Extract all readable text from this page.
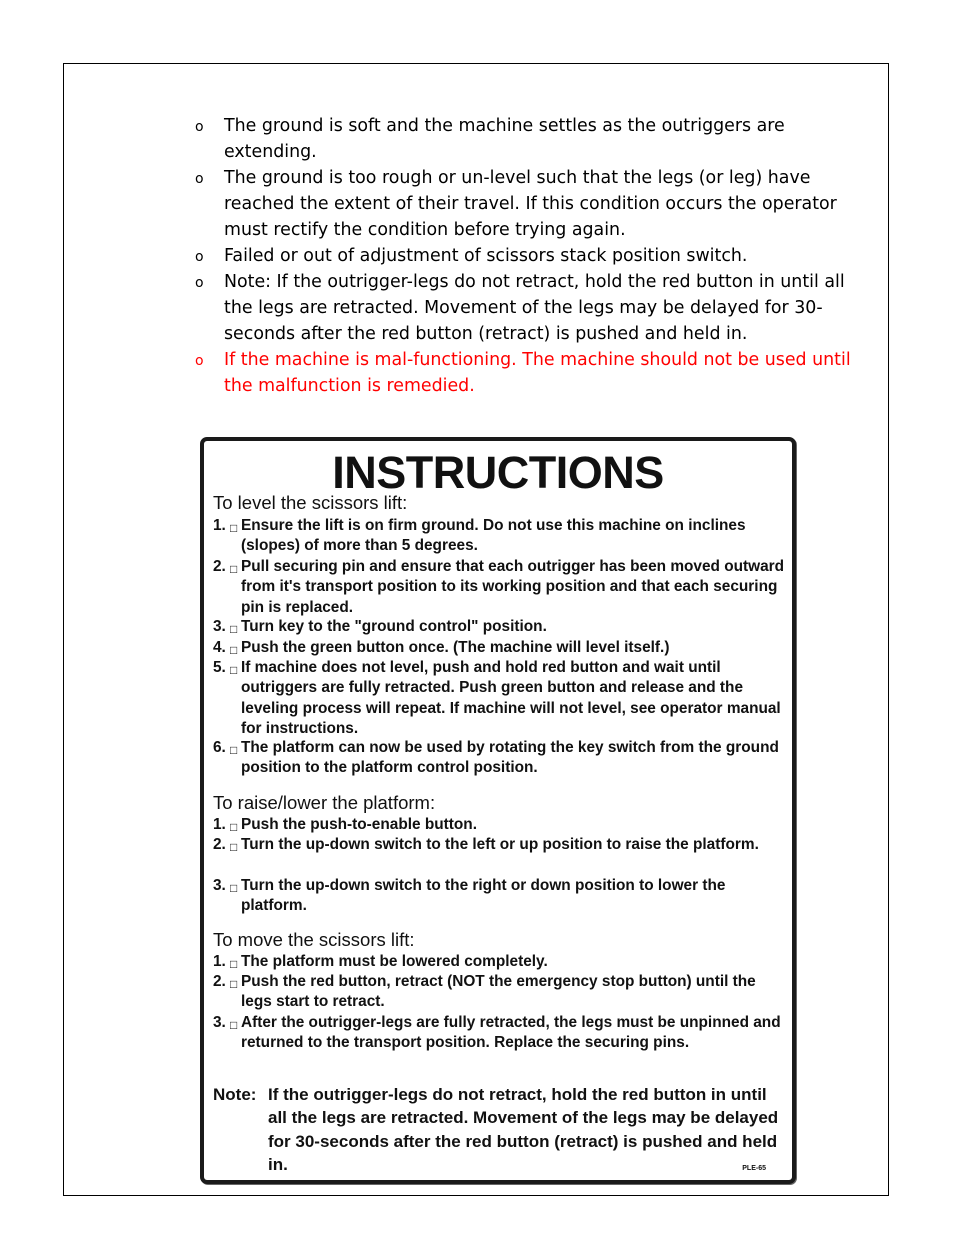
o The ground is soft and the machine settles as the outriggers are extending.
o The ground is too rough or un-level such that the legs (or leg) have reached the extent of their travel. If this condition occurs the operator must rectify the condition before trying again.
o Failed or out of adjustment of scissors stack position switch.
o Note: If the outrigger-legs do not retract, hold the red button in until all the legs are retracted. Movement of the legs may be delayed for 30-seconds after the red button (retract) is pushed and held in.
o If the machine is mal-functioning. The machine should not be used until the malfunction is remedied.
INSTRUCTIONS
To level the scissors lift:
1. □ Ensure the lift is on firm ground. Do not use this machine on inclines (slopes) of more than 5 degrees.
2. □ Pull securing pin and ensure that each outrigger has been moved outward from it's transport position to its working position and that each securing pin is replaced.
3. □ Turn key to the "ground control" position.
4. □ Push the green button once. (The machine will level itself.)
5. □ If machine does not level, push and hold red button and wait until outriggers are fully retracted. Push green button and release and the leveling process will repeat. If machine will not level, see operator manual for instructions.
6. □ The platform can now be used by rotating the key switch from the ground position to the platform control position.
To raise/lower the platform:
1. □ Push the push-to-enable button.
2. □ Turn the up-down switch to the left or up position to raise the platform.
3. □ Turn the up-down switch to the right or down position to lower the platform.
To move the scissors lift:
1. □ The platform must be lowered completely.
2. □ Push the red button, retract (NOT the emergency stop button) until the legs start to retract.
3. □ After the outrigger-legs are fully retracted, the legs must be unpinned and returned to the transport position. Replace the securing pins.
Note: If the outrigger-legs do not retract, hold the red button in until all the legs are retracted. Movement of the legs may be delayed for 30-seconds after the red button (retract) is pushed and held in.	PLE-65
